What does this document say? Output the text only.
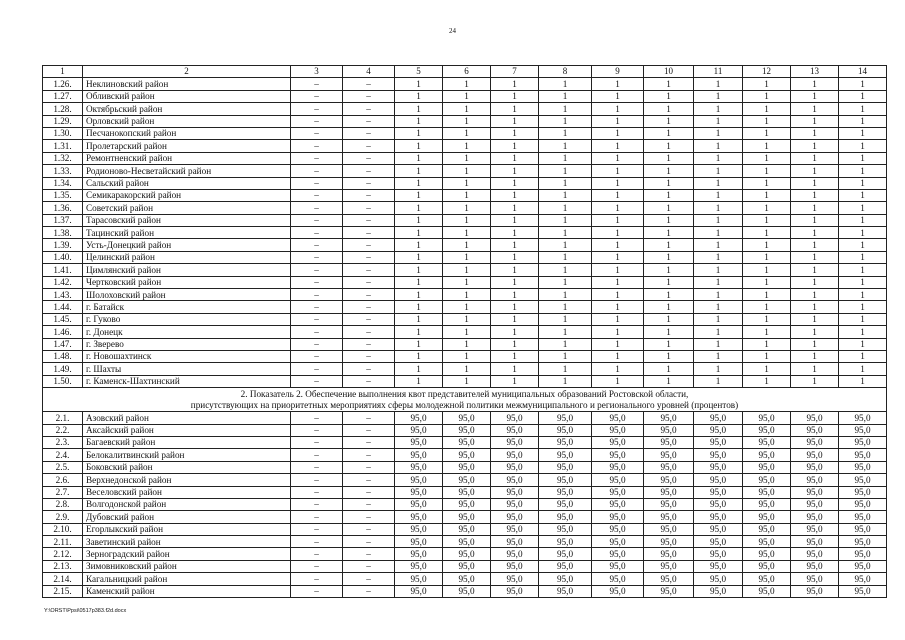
24
1	2	3	4	5	6	7	8	9	10	11	12	13	14
1.26.	Неклиновский район	–	–	1	1	1	1	1	1	1	1	1	1
1.27.	Обливский район	–	–	1	1	1	1	1	1	1	1	1	1
1.28.	Октябрьский район	–	–	1	1	1	1	1	1	1	1	1	1
1.29.	Орловский район	–	–	1	1	1	1	1	1	1	1	1	1
1.30.	Песчанокопский район	–	–	1	1	1	1	1	1	1	1	1	1
1.31.	Пролетарский район	–	–	1	1	1	1	1	1	1	1	1	1
1.32.	Ремонтненский район	–	–	1	1	1	1	1	1	1	1	1	1
1.33.	Родионово-Несветайский район	–	–	1	1	1	1	1	1	1	1	1	1
1.34.	Сальский район	–	–	1	1	1	1	1	1	1	1	1	1
1.35.	Семикаракорский район	–	–	1	1	1	1	1	1	1	1	1	1
1.36.	Советский район	–	–	1	1	1	1	1	1	1	1	1	1
1.37.	Тарасовский район	–	–	1	1	1	1	1	1	1	1	1	1
1.38.	Тацинский район	–	–	1	1	1	1	1	1	1	1	1	1
1.39.	Усть-Донецкий район	–	–	1	1	1	1	1	1	1	1	1	1
1.40.	Целинский район	–	–	1	1	1	1	1	1	1	1	1	1
1.41.	Цимлянский район	–	–	1	1	1	1	1	1	1	1	1	1
1.42.	Чертковский район	–	–	1	1	1	1	1	1	1	1	1	1
1.43.	Шолоховский район	–	–	1	1	1	1	1	1	1	1	1	1
1.44.	г. Батайск	–	–	1	1	1	1	1	1	1	1	1	1
1.45.	г. Гуково	–	–	1	1	1	1	1	1	1	1	1	1
1.46.	г. Донецк	–	–	1	1	1	1	1	1	1	1	1	1
1.47.	г. Зверево	–	–	1	1	1	1	1	1	1	1	1	1
1.48.	г. Новошахтинск	–	–	1	1	1	1	1	1	1	1	1	1
1.49.	г. Шахты	–	–	1	1	1	1	1	1	1	1	1	1
1.50.	г. Каменск-Шахтинский	–	–	1	1	1	1	1	1	1	1	1	1

2. Показатель 2. Обеспечение выполнения квот представителей муниципальных образований Ростовской области,
присутствующих на приоритетных мероприятиях сферы молодежной политики межмуниципального и регионального уровней (процентов)													

2.1.	Азовский район	–	–	95,0	95,0	95,0	95,0	95,0	95,0	95,0	95,0	95,0	95,0
2.2.	Аксайский район	–	–	95,0	95,0	95,0	95,0	95,0	95,0	95,0	95,0	95,0	95,0
2.3.	Багаевский район	–	–	95,0	95,0	95,0	95,0	95,0	95,0	95,0	95,0	95,0	95,0
2.4.	Белокалитвинский район	–	–	95,0	95,0	95,0	95,0	95,0	95,0	95,0	95,0	95,0	95,0
2.5.	Боковский район	–	–	95,0	95,0	95,0	95,0	95,0	95,0	95,0	95,0	95,0	95,0
2.6.	Верхнедонской район	–	–	95,0	95,0	95,0	95,0	95,0	95,0	95,0	95,0	95,0	95,0
2.7.	Веселовский район	–	–	95,0	95,0	95,0	95,0	95,0	95,0	95,0	95,0	95,0	95,0
2.8.	Волгодонской район	–	–	95,0	95,0	95,0	95,0	95,0	95,0	95,0	95,0	95,0	95,0
2.9.	Дубовский район	–	–	95,0	95,0	95,0	95,0	95,0	95,0	95,0	95,0	95,0	95,0
2.10.	Егорлыкский район	–	–	95,0	95,0	95,0	95,0	95,0	95,0	95,0	95,0	95,0	95,0
2.11.	Заветинский район	–	–	95,0	95,0	95,0	95,0	95,0	95,0	95,0	95,0	95,0	95,0
2.12.	Зерноградский район	–	–	95,0	95,0	95,0	95,0	95,0	95,0	95,0	95,0	95,0	95,0
2.13.	Зимовниковский район	–	–	95,0	95,0	95,0	95,0	95,0	95,0	95,0	95,0	95,0	95,0
2.14.	Кагальницкий район	–	–	95,0	95,0	95,0	95,0	95,0	95,0	95,0	95,0	95,0	95,0
2.15.	Каменский район	–	–	95,0	95,0	95,0	95,0	95,0	95,0	95,0	95,0	95,0	95,0
Y:\ORST\Ppsi\0517p383.f2d.docx
